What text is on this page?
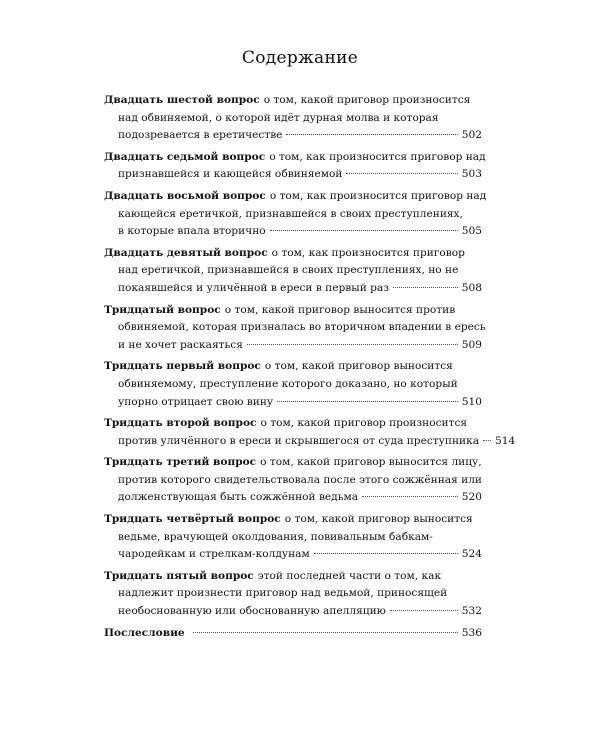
Содержание
Двадцать шестой вопрос о том, какой приговор произносится
над обвиняемой, о которой идёт дурная молва и которая
подозревается в еретичестве	502
Двадцать седьмой вопрос о том, как произносится приговор над
признавшейся и кающейся обвиняемой	503
Двадцать восьмой вопрос о том, как произносится приговор над
кающейся еретичкой, признавшейся в своих преступлениях,
в которые впала вторично	505
Двадцать девятый вопрос о том, как произносится приговор
над еретичкой, признавшейся в своих преступлениях, но не
покаявшейся и уличённой в ереси в первый раз	508
Тридцатый вопрос о том, какой приговор выносится против
обвиняемой, которая призналась во вторичном впадении в ересь
и не хочет раскаяться	509
Тридцать первый вопрос о том, какой приговор выносится
обвиняемому, преступление которого доказано, но который
упорно отрицает свою вину	510
Тридцать второй вопрос о том, какой приговор произносится
против уличённого в ереси и скрывшегося от суда преступника 514
Тридцать третий вопрос о том, какой приговор выносится лицу,
против которого свидетельствовала после этого сожжённая или
долженствующая быть сожжённой ведьма	520
Тридцать четвёртый вопрос о том, какой приговор выносится
ведьме, врачующей околдования, повивальным бабкам-
чародейкам и стрелкам-колдунам	524
Тридцать пятый вопрос этой последней части о том, как
надлежит произнести приговор над ведьмой, приносящей
необоснованную или обоснованную апелляцию	532
Послесловие	536
